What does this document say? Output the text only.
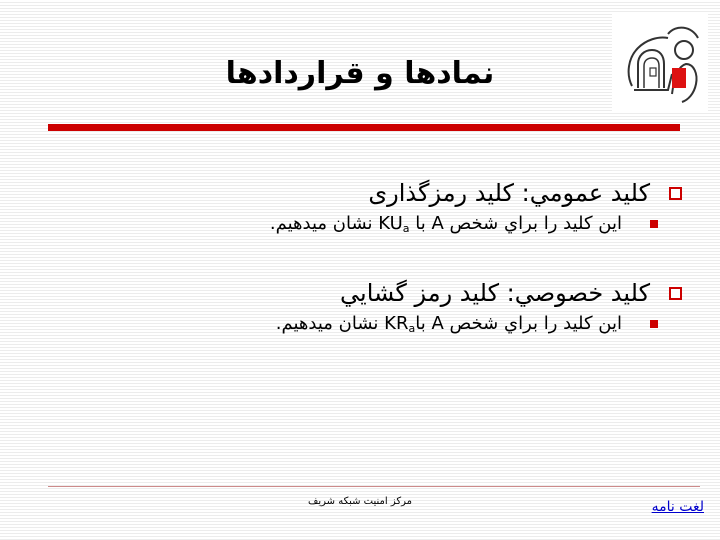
نمادها و قراردادها
كليد عمومي: كليد رمزگذارى
اين كليد را براي شخص A با $KU_a$ نشان ميدهيم.
كليد خصوصي: كليد رمز گشايي
اين كليد را براي شخص A باKR$_a$ نشان ميدهيم.
مركز امنيت شبكه شريف	لغت نامه
